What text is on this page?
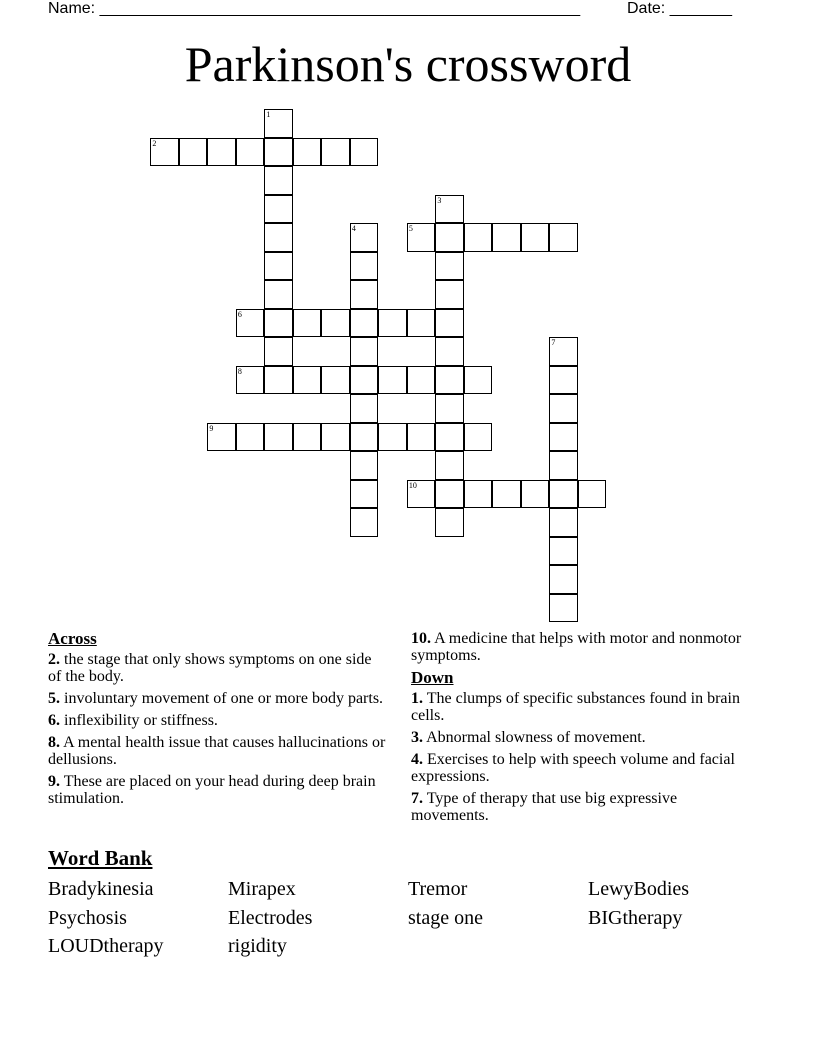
Name: ______________________________________________________	Date: _______
Parkinson's crossword
1
2
3
4	5
6
7
8
9
10
Across
2. the stage that only shows symptoms on one side of the body.
5. involuntary movement of one or more body parts.
6. inflexibility or stiffness.
8. A mental health issue that causes hallucinations or dellusions.
9. These are placed on your head during deep brain stimulation.
10. A medicine that helps with motor and nonmotor symptoms.
Down
1. The clumps of specific substances found in brain cells.
3. Abnormal slowness of movement.
4. Exercises to help with speech volume and facial expressions.
7. Type of therapy that use big expressive movements.
Word Bank
Bradykinesia	Mirapex	Tremor	LewyBodies
Psychosis	Electrodes	stage one	BIGtherapy
LOUDtherapy	rigidity
